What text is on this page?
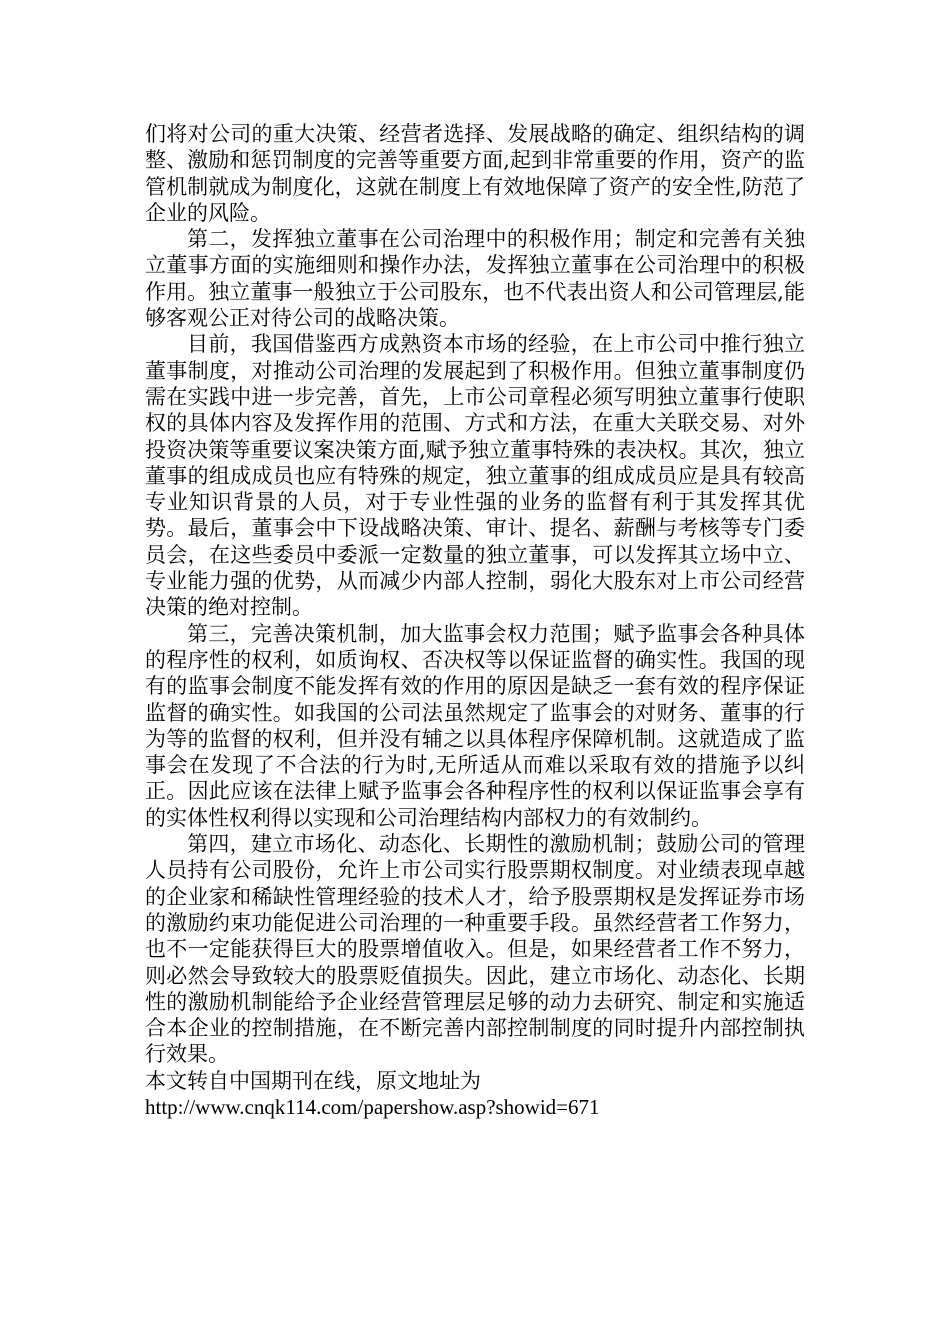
们将对公司的重大决策、经营者选择、发展战略的确定、组织结构的调整、激励和惩罚制度的完善等重要方面,起到非常重要的作用，资产的监管机制就成为制度化，这就在制度上有效地保障了资产的安全性,防范了企业的风险。

第二，发挥独立董事在公司治理中的积极作用；制定和完善有关独立董事方面的实施细则和操作办法，发挥独立董事在公司治理中的积极作用。独立董事一般独立于公司股东，也不代表出资人和公司管理层,能够客观公正对待公司的战略决策。

目前，我国借鉴西方成熟资本市场的经验，在上市公司中推行独立董事制度，对推动公司治理的发展起到了积极作用。但独立董事制度仍需在实践中进一步完善，首先，上市公司章程必须写明独立董事行使职权的具体内容及发挥作用的范围、方式和方法，在重大关联交易、对外投资决策等重要议案决策方面,赋予独立董事特殊的表决权。其次，独立董事的组成成员也应有特殊的规定，独立董事的组成成员应是具有较高专业知识背景的人员，对于专业性强的业务的监督有利于其发挥其优势。最后，董事会中下设战略决策、审计、提名、薪酬与考核等专门委员会，在这些委员中委派一定数量的独立董事，可以发挥其立场中立、专业能力强的优势，从而减少内部人控制，弱化大股东对上市公司经营决策的绝对控制。

第三，完善决策机制，加大监事会权力范围；赋予监事会各种具体的程序性的权利，如质询权、否决权等以保证监督的确实性。我国的现有的监事会制度不能发挥有效的作用的原因是缺乏一套有效的程序保证监督的确实性。如我国的公司法虽然规定了监事会的对财务、董事的行为等的监督的权利，但并没有辅之以具体程序保障机制。这就造成了监事会在发现了不合法的行为时,无所适从而难以采取有效的措施予以纠正。因此应该在法律上赋予监事会各种程序性的权利以保证监事会享有的实体性权利得以实现和公司治理结构内部权力的有效制约。

第四，建立市场化、动态化、长期性的激励机制；鼓励公司的管理人员持有公司股份，允许上市公司实行股票期权制度。对业绩表现卓越的企业家和稀缺性管理经验的技术人才，给予股票期权是发挥证券市场的激励约束功能促进公司治理的一种重要手段。虽然经营者工作努力，也不一定能获得巨大的股票增值收入。但是，如果经营者工作不努力，则必然会导致较大的股票贬值损失。因此，建立市场化、动态化、长期性的激励机制能给予企业经营管理层足够的动力去研究、制定和实施适合本企业的控制措施，在不断完善内部控制制度的同时提升内部控制执行效果。

本文转自中国期刊在线，原文地址为

http://www.cnqk114.com/papershow.asp?showid=671
